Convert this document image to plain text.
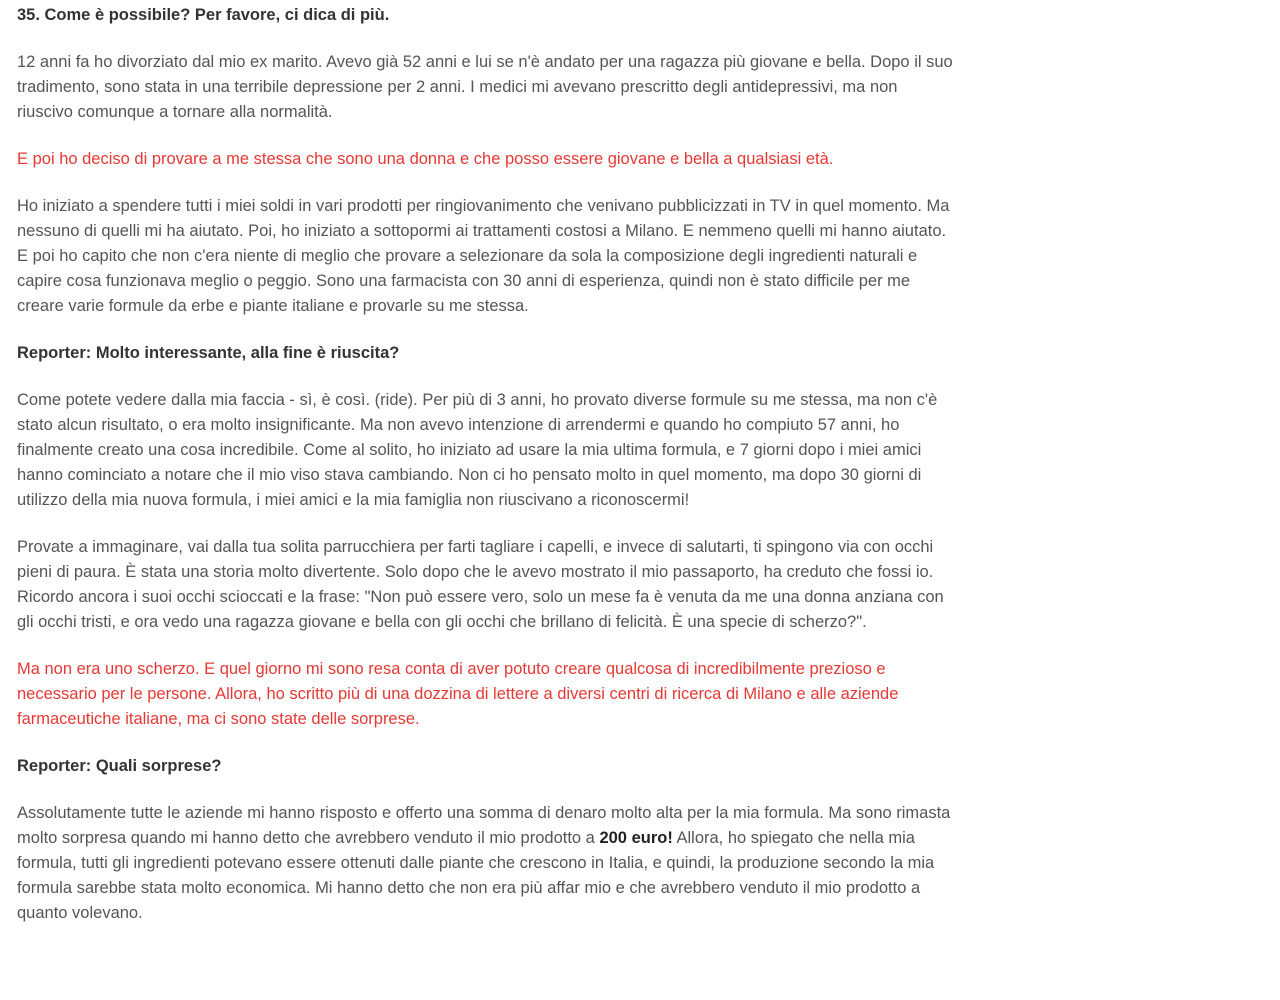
35. Come è possibile? Per favore, ci dica di più.

12 anni fa ho divorziato dal mio ex marito. Avevo già 52 anni e lui se n'è andato per una ragazza più giovane e bella. Dopo il suo tradimento, sono stata in una terribile depressione per 2 anni. I medici mi avevano prescritto degli antidepressivi, ma non riuscivo comunque a tornare alla normalità.

E poi ho deciso di provare a me stessa che sono una donna e che posso essere giovane e bella a qualsiasi età.

Ho iniziato a spendere tutti i miei soldi in vari prodotti per ringiovanimento che venivano pubblicizzati in TV in quel momento. Ma nessuno di quelli mi ha aiutato. Poi, ho iniziato a sottopormi ai trattamenti costosi a Milano. E nemmeno quelli mi hanno aiutato. E poi ho capito che non c'era niente di meglio che provare a selezionare da sola la composizione degli ingredienti naturali e capire cosa funzionava meglio o peggio. Sono una farmacista con 30 anni di esperienza, quindi non è stato difficile per me creare varie formule da erbe e piante italiane e provarle su me stessa.

Reporter: Molto interessante, alla fine è riuscita?

Come potete vedere dalla mia faccia - sì, è così. (ride). Per più di 3 anni, ho provato diverse formule su me stessa, ma non c'è stato alcun risultato, o era molto insignificante. Ma non avevo intenzione di arrendermi e quando ho compiuto 57 anni, ho finalmente creato una cosa incredibile. Come al solito, ho iniziato ad usare la mia ultima formula, e 7 giorni dopo i miei amici hanno cominciato a notare che il mio viso stava cambiando. Non ci ho pensato molto in quel momento, ma dopo 30 giorni di utilizzo della mia nuova formula, i miei amici e la mia famiglia non riuscivano a riconoscermi!

Provate a immaginare, vai dalla tua solita parrucchiera per farti tagliare i capelli, e invece di salutarti, ti spingono via con occhi pieni di paura. È stata una storia molto divertente. Solo dopo che le avevo mostrato il mio passaporto, ha creduto che fossi io. Ricordo ancora i suoi occhi scioccati e la frase: "Non può essere vero, solo un mese fa è venuta da me una donna anziana con gli occhi tristi, e ora vedo una ragazza giovane e bella con gli occhi che brillano di felicità. È una specie di scherzo?".

Ma non era uno scherzo. E quel giorno mi sono resa conta di aver potuto creare qualcosa di incredibilmente prezioso e necessario per le persone. Allora, ho scritto più di una dozzina di lettere a diversi centri di ricerca di Milano e alle aziende farmaceutiche italiane, ma ci sono state delle sorprese.

Reporter: Quali sorprese?

Assolutamente tutte le aziende mi hanno risposto e offerto una somma di denaro molto alta per la mia formula. Ma sono rimasta molto sorpresa quando mi hanno detto che avrebbero venduto il mio prodotto a 200 euro! Allora, ho spiegato che nella mia formula, tutti gli ingredienti potevano essere ottenuti dalle piante che crescono in Italia, e quindi, la produzione secondo la mia formula sarebbe stata molto economica. Mi hanno detto che non era più affar mio e che avrebbero venduto il mio prodotto a quanto volevano.
